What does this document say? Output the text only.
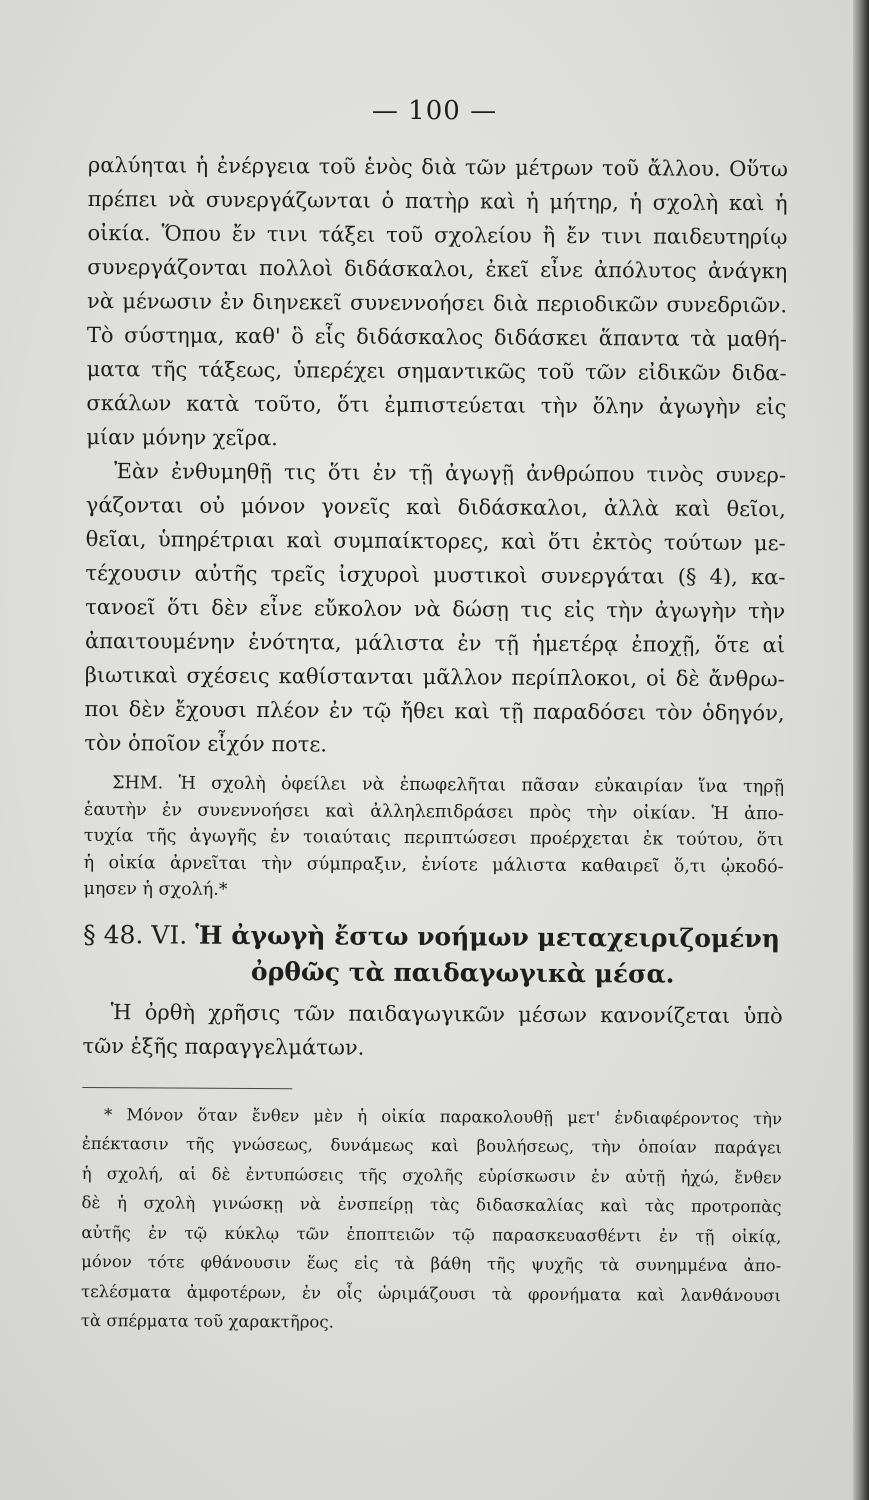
— 100 —
ραλύηται ἡ ἐνέργεια τοῦ ἑνὸς διὰ τῶν μέτρων τοῦ ἄλλου. Οὕτω
πρέπει νὰ συνεργάζωνται ὁ πατὴρ καὶ ἡ μήτηρ, ἡ σχολὴ καὶ ἡ
οἰκία. Ὅπου ἔν τινι τάξει τοῦ σχολείου ἢ ἔν τινι παιδευτηρίῳ
συνεργάζονται πολλοὶ διδάσκαλοι, ἐκεῖ εἶνε ἀπόλυτος ἀνάγκη
νὰ μένωσιν ἐν διηνεκεῖ συνεννοήσει διὰ περιοδικῶν συνεδριῶν.
Τὸ σύστημα, καθ' ὃ εἷς διδάσκαλος διδάσκει ἅπαντα τὰ μαθή-
ματα τῆς τάξεως, ὑπερέχει σημαντικῶς τοῦ τῶν εἰδικῶν διδα-
σκάλων κατὰ τοῦτο, ὅτι ἐμπιστεύεται τὴν ὅλην ἀγωγὴν εἰς
μίαν μόνην χεῖρα.
Ἐὰν ἐνθυμηθῇ τις ὅτι ἐν τῇ ἀγωγῇ ἀνθρώπου τινὸς συνερ-
γάζονται οὐ μόνον γονεῖς καὶ διδάσκαλοι, ἀλλὰ καὶ θεῖοι,
θεῖαι, ὑπηρέτριαι καὶ συμπαίκτορες, καὶ ὅτι ἐκτὸς τούτων με-
τέχουσιν αὐτῆς τρεῖς ἰσχυροὶ μυστικοὶ συνεργάται (§ 4), κα-
τανοεῖ ὅτι δὲν εἶνε εὔκολον νὰ δώσῃ τις εἰς τὴν ἀγωγὴν τὴν
ἀπαιτουμένην ἑνότητα, μάλιστα ἐν τῇ ἡμετέρᾳ ἐποχῇ, ὅτε αἱ
βιωτικαὶ σχέσεις καθίστανται μᾶλλον περίπλοκοι, οἱ δὲ ἄνθρω-
ποι δὲν ἔχουσι πλέον ἐν τῷ ἤθει καὶ τῇ παραδόσει τὸν ὁδηγόν,
τὸν ὁποῖον εἶχόν ποτε.
ΣΗΜ. Ἡ σχολὴ ὀφείλει νὰ ἐπωφελῆται πᾶσαν εὐκαιρίαν ἵνα τηρῇ
ἑαυτὴν ἐν συνεννοήσει καὶ ἀλληλεπιδράσει πρὸς τὴν οἰκίαν. Ἡ ἀπο-
τυχία τῆς ἀγωγῆς ἐν τοιαύταις περιπτώσεσι προέρχεται ἐκ τούτου, ὅτι
ἡ οἰκία ἀρνεῖται τὴν σύμπραξιν, ἐνίοτε μάλιστα καθαιρεῖ ὅ,τι ᾠκοδό-
μησεν ἡ σχολή.*
§ 48. VI. Ἡ ἀγωγὴ ἔστω νοήμων μεταχειριζομένη
ὀρθῶς τὰ παιδαγωγικὰ μέσα.
Ἡ ὀρθὴ χρῆσις τῶν παιδαγωγικῶν μέσων κανονίζεται ὑπὸ
τῶν ἑξῆς παραγγελμάτων.
* Μόνον ὅταν ἔνθεν μὲν ἡ οἰκία παρακολουθῇ μετ' ἐνδιαφέροντος τὴν
ἐπέκτασιν τῆς γνώσεως, δυνάμεως καὶ βουλήσεως, τὴν ὁποίαν παράγει
ἡ σχολή, αἱ δὲ ἐντυπώσεις τῆς σχολῆς εὑρίσκωσιν ἐν αὐτῇ ἠχώ, ἔνθεν
δὲ ἡ σχολὴ γινώσκῃ νὰ ἐνσπείρῃ τὰς διδασκαλίας καὶ τὰς προτροπὰς
αὐτῆς ἐν τῷ κύκλῳ τῶν ἐποπτειῶν τῷ παρασκευασθέντι ἐν τῇ οἰκίᾳ,
μόνον τότε φθάνουσιν ἕως εἰς τὰ βάθη τῆς ψυχῆς τὰ συνημμένα ἀπο-
τελέσματα ἀμφοτέρων, ἐν οἷς ὡριμάζουσι τὰ φρονήματα καὶ λανθάνουσι
τὰ σπέρματα τοῦ χαρακτῆρος.
